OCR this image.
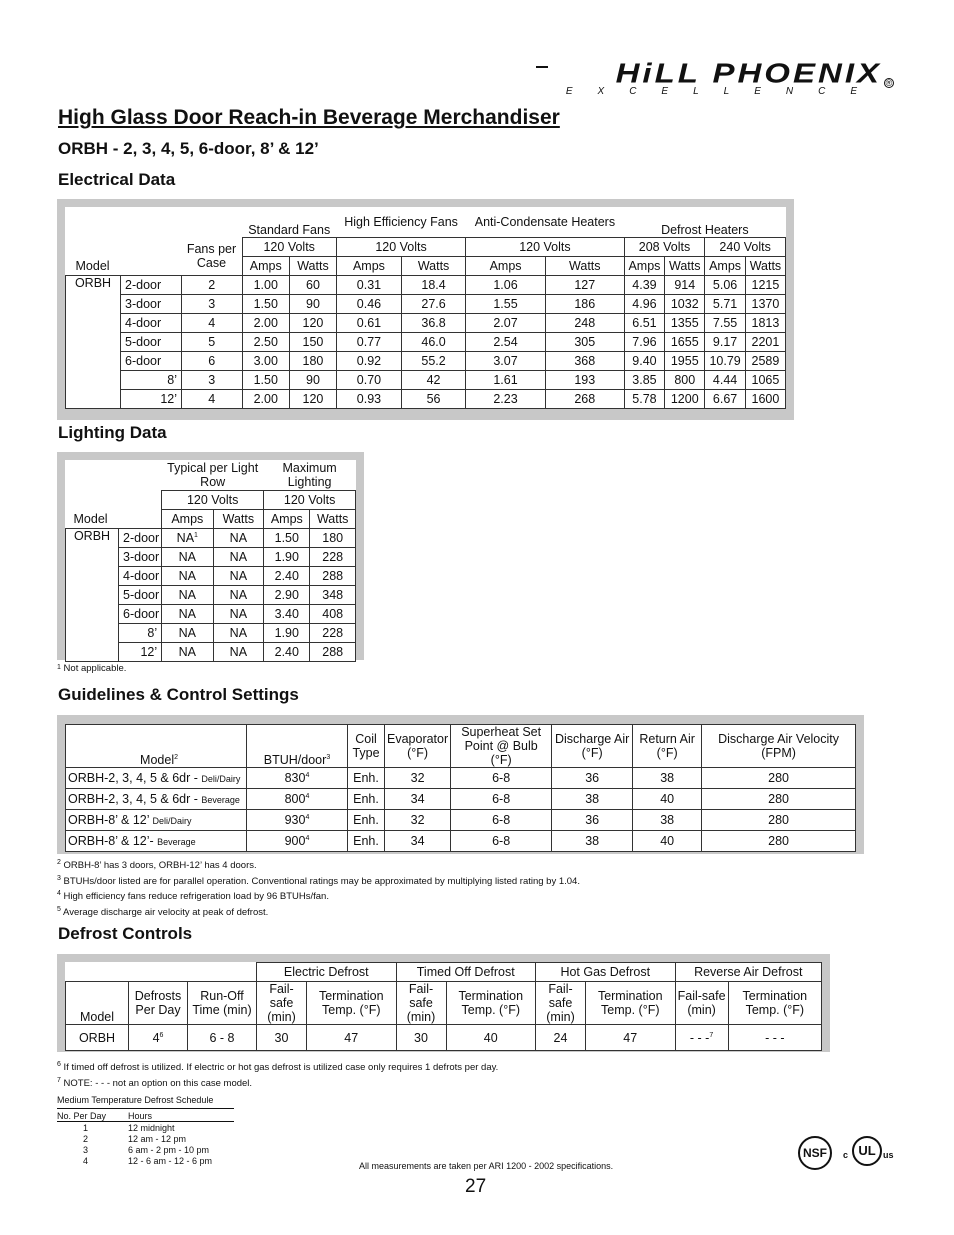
HiLL PHOENIX
EXCELLENCE
®
High Glass Door Reach-in Beverage Merchandiser
ORBH - 2, 3, 4, 5, 6-door, 8’ & 12’
Electrical Data
			Standard Fans		High Efficiency Fans		Anti-Condensate Heaters		Defrost Heaters			
		Fans per Case	120 Volts		120 Volts		120 Volts		208 Volts		240 Volts	
Model			Amps	Watts	Amps	Watts	Amps	Watts	Amps	Watts	Amps	Watts
ORBH	2-door	2	1.00	60	0.31	18.4	1.06	127	4.39	914	5.06	1215
	3-door	3	1.50	90	0.46	27.6	1.55	186	4.96	1032	5.71	1370
	4-door	4	2.00	120	0.61	36.8	2.07	248	6.51	1355	7.55	1813
	5-door	5	2.50	150	0.77	46.0	2.54	305	7.96	1655	9.17	2201
	6-door	6	3.00	180	0.92	55.2	3.07	368	9.40	1955	10.79	2589
	8’	3	1.50	90	0.70	42	1.61	193	3.85	800	4.44	1065
	12’	4	2.00	120	0.93	56	2.23	268	5.78	1200	6.67	1600
Lighting Data
		Typical per Light Row		Maximum Lighting	
		120 Volts		120 Volts	
Model		Amps	Watts	Amps	Watts
ORBH	2-door	$NA^1$	NA	1.50	180
	3-door	NA	NA	1.90	228
	4-door	NA	NA	2.40	288
	5-door	NA	NA	2.90	348
	6-door	NA	NA	3.40	408
	8’	NA	NA	1.90	228
	12’	NA	NA	2.40	288
$^1$ Not applicable.
Guidelines & Control Settings
Model$^2$	BTUH/door$^3$	Coil Type	Evaporator (°F)	Superheat Set Point @ Bulb (°F)	Discharge Air (°F)	Return Air (°F)	Discharge Air Velocity (FPM)
ORBH-2, 3, 4, 5 & 6dr - Deli/Dairy	$830^4$	Enh.	32	6-8	36	38	280
ORBH-2, 3, 4, 5 & 6dr - Beverage	$800^4$	Enh.	34	6-8	38	40	280
ORBH-8’ & 12’ Deli/Dairy	$930^4$	Enh.	32	6-8	36	38	280
ORBH-8’ & 12’- Beverage	$900^4$	Enh.	34	6-8	38	40	280
$^2$ ORBH-8’ has 3 doors, ORBH-12’ has 4 doors.
$^3$ BTUHs/door listed are for parallel operation. Conventional ratings may be approximated by multiplying listed rating by 1.04.
$^4$ High efficiency fans reduce refrigeration load by 96 BTUHs/fan.
$^5$ Average discharge air velocity at peak of defrost.
Defrost Controls
			Electric Defrost		Timed Off Defrost		Hot Gas Defrost		Reverse Air Defrost	
Model	Defrosts Per Day	Run-Off Time (min)	Fail-safe (min)	Termination Temp. (°F)	Fail-safe (min)	Termination Temp. (°F)	Fail-safe (min)	Termination Temp. (°F)	Fail-safe (min)	Termination Temp. (°F)
ORBH	$4^6$	6 - 8	30	47	30	40	24	47	- - -$^7$	- - -
$^6$ If timed off defrost is utilized. If electric or hot gas defrost is utilized case only requires 1 defrots per day.
$^7$ NOTE: - - - not an option on this case model.
Medium Temperature Defrost Schedule
No. Per Day	Hours
1	12 midnight
2	12 am - 12 pm
3	6 am - 2 pm - 10 pm
4	12 - 6 am - 12 - 6 pm
All measurements are taken per ARI 1200 - 2002 specifications.
27
NSF	c UL us
